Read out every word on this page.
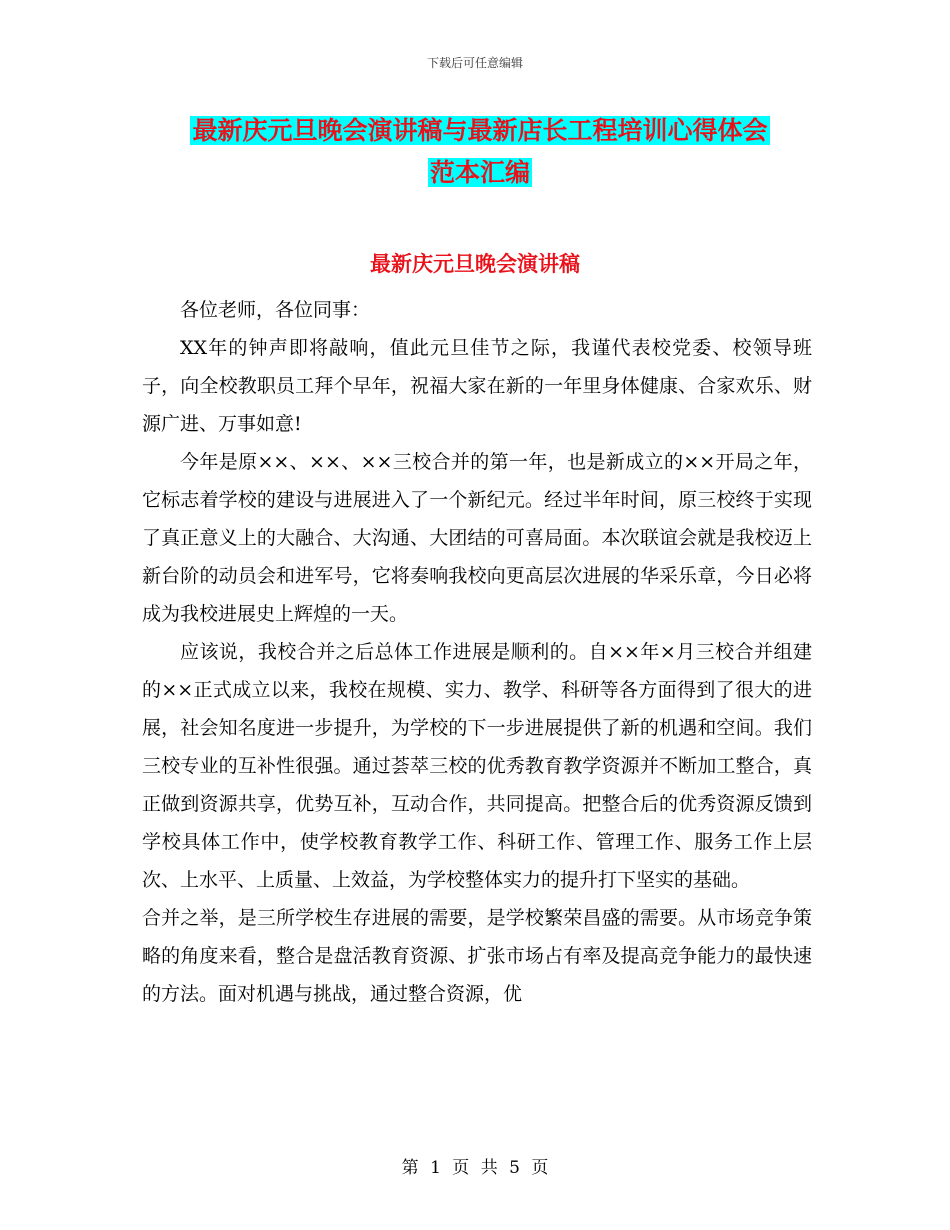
下载后可任意编辑
最新庆元旦晚会演讲稿与最新店长工程培训心得体会
范本汇编
最新庆元旦晚会演讲稿

各位老师，各位同事：

XX年的钟声即将敲响，值此元旦佳节之际，我谨代表校党委、校领导班子，向全校教职员工拜个早年，祝福大家在新的一年里身体健康、合家欢乐、财源广进、万事如意!

今年是原××、××、××三校合并的第一年，也是新成立的××开局之年，它标志着学校的建设与进展进入了一个新纪元。经过半年时间，原三校终于实现了真正意义上的大融合、大沟通、大团结的可喜局面。本次联谊会就是我校迈上新台阶的动员会和进军号，它将奏响我校向更高层次进展的华采乐章，今日必将成为我校进展史上辉煌的一天。

应该说，我校合并之后总体工作进展是顺利的。自××年×月三校合并组建的××正式成立以来，我校在规模、实力、教学、科研等各方面得到了很大的进展，社会知名度进一步提升，为学校的下一步进展提供了新的机遇和空间。我们三校专业的互补性很强。通过荟萃三校的优秀教育教学资源并不断加工整合，真正做到资源共享，优势互补，互动合作，共同提高。把整合后的优秀资源反馈到学校具体工作中，使学校教育教学工作、科研工作、管理工作、服务工作上层次、上水平、上质量、上效益，为学校整体实力的提升打下坚实的基础。

合并之举，是三所学校生存进展的需要，是学校繁荣昌盛的需要。从市场竞争策略的角度来看，整合是盘活教育资源、扩张市场占有率及提高竞争能力的最快速的方法。面对机遇与挑战，通过整合资源，优

第 1 页 共 5 页
